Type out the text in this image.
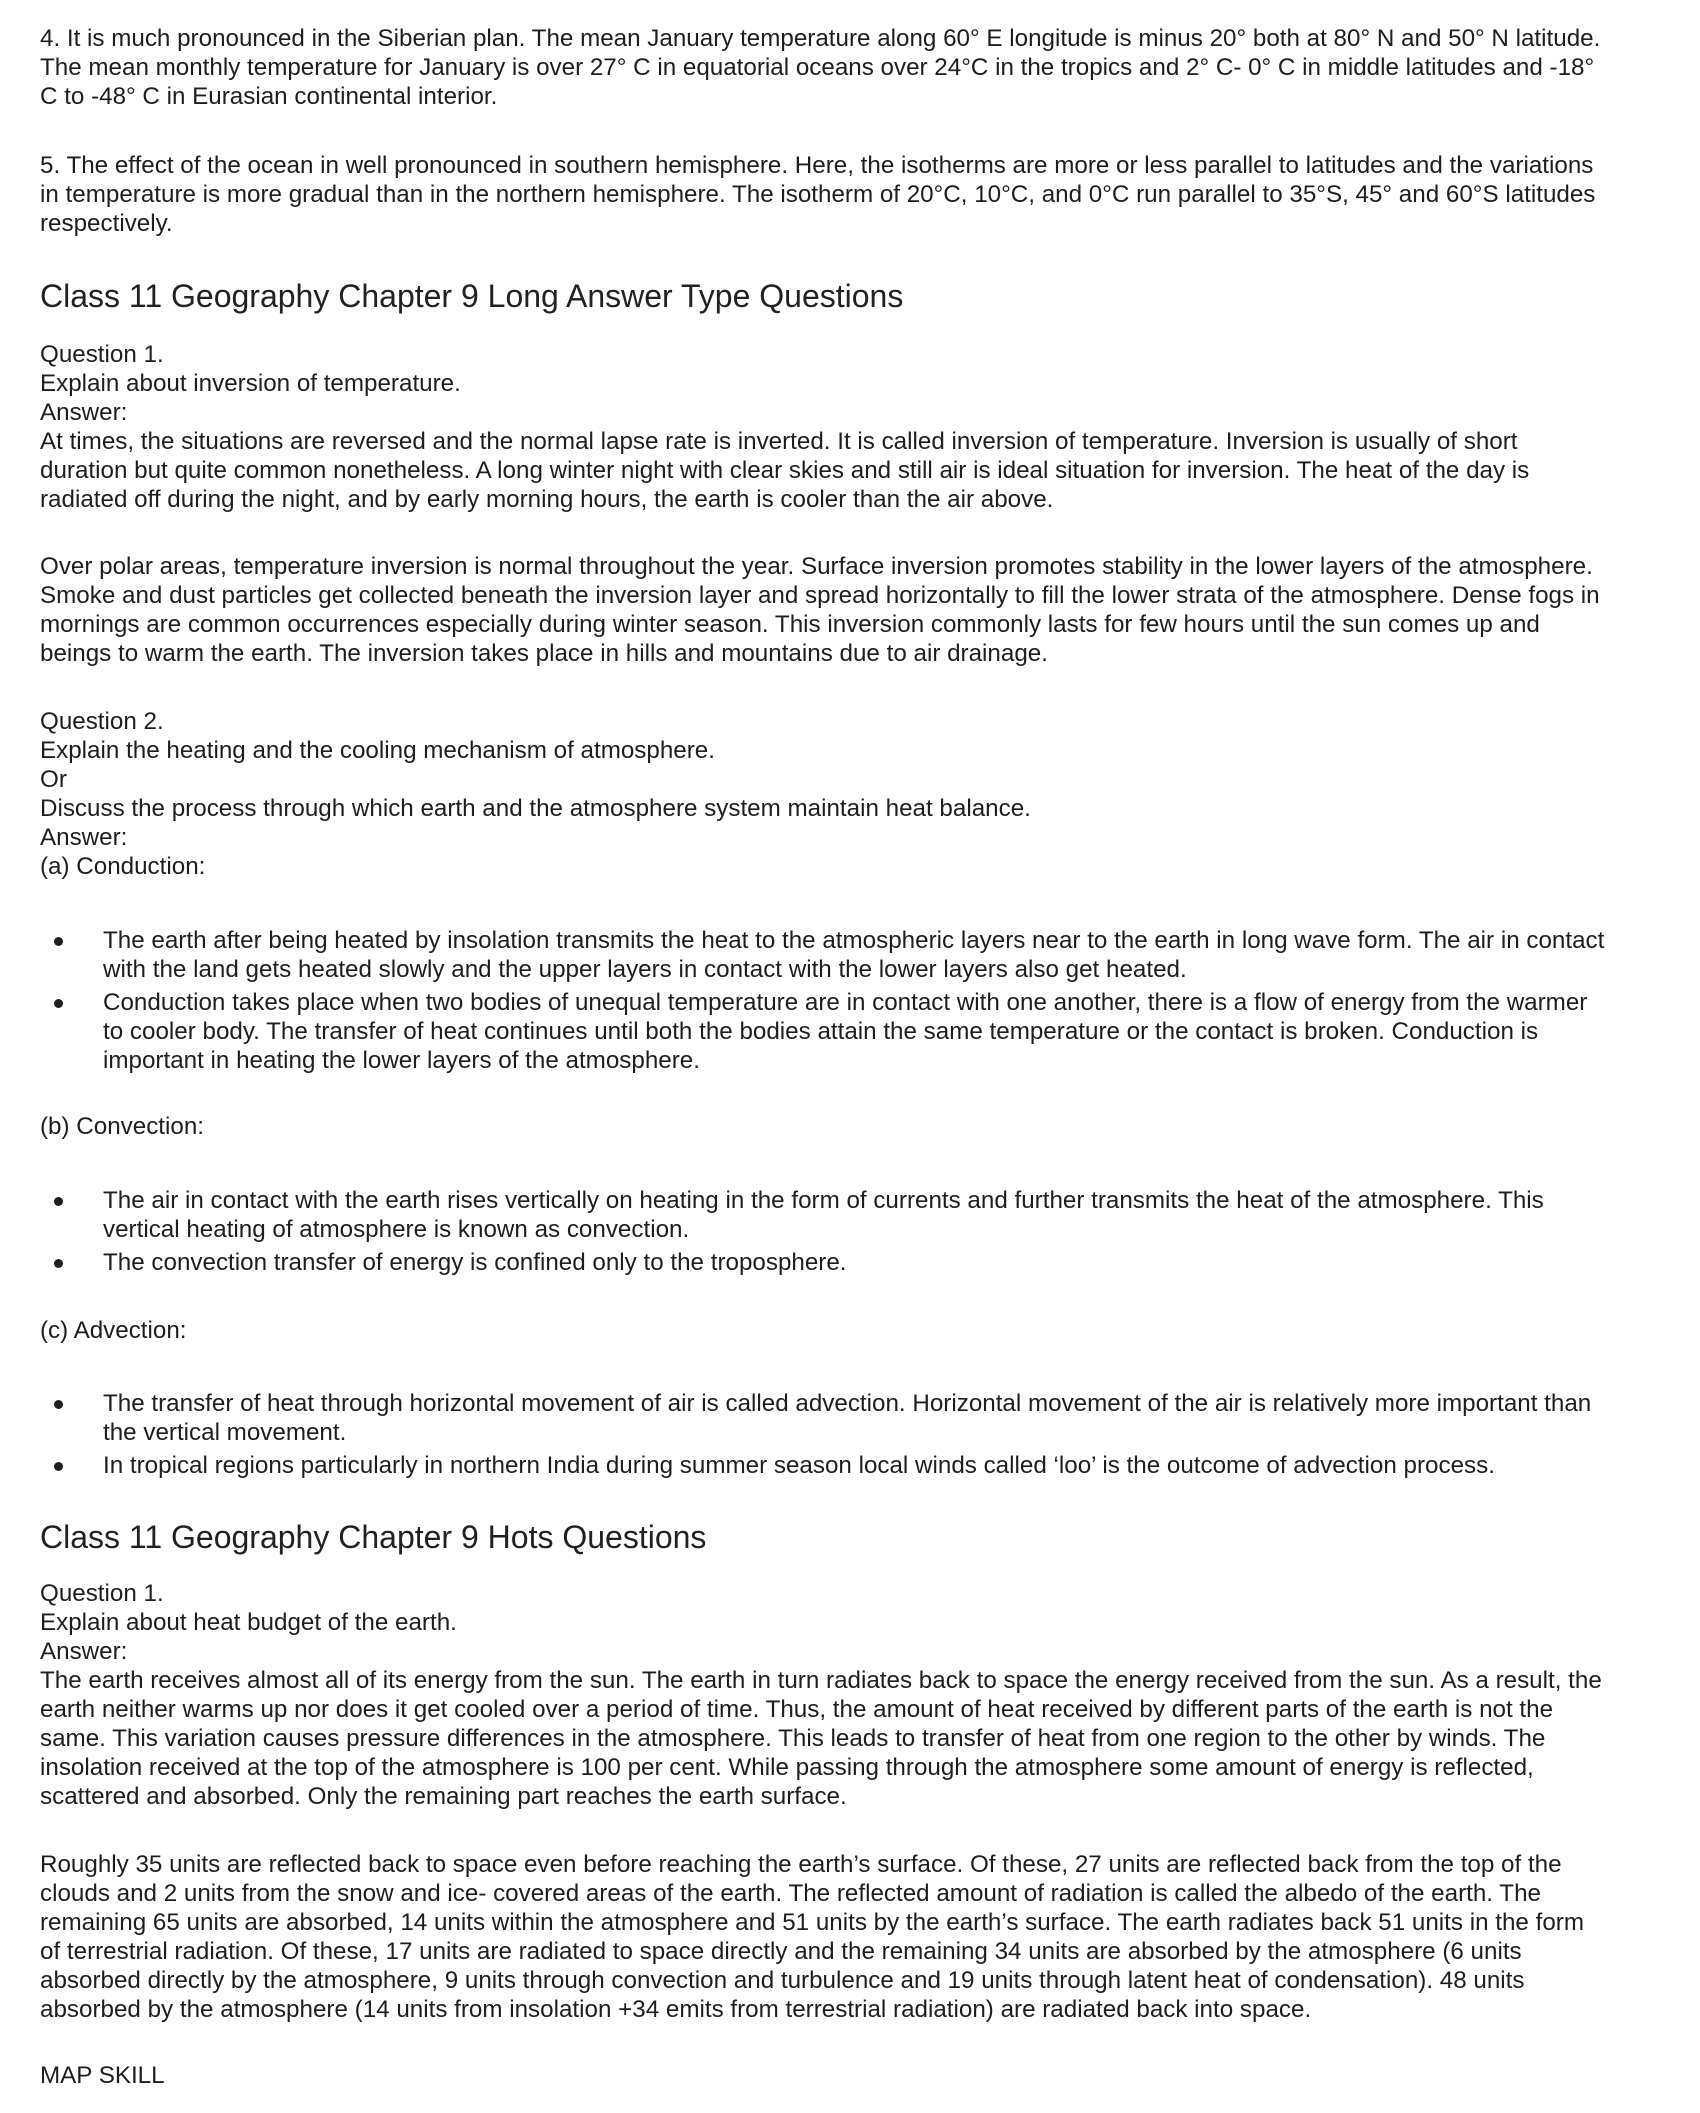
4. It is much pronounced in the Siberian plan. The mean January temperature along 60° E longitude is minus 20° both at 80° N and 50° N latitude.
The mean monthly temperature for January is over 27° C in equatorial oceans over 24°C in the tropics and 2° C- 0° C in middle latitudes and -18°
C to -48° C in Eurasian continental interior.
5. The effect of the ocean in well pronounced in southern hemisphere. Here, the isotherms are more or less parallel to latitudes and the variations
in temperature is more gradual than in the northern hemisphere. The isotherm of 20°C, 10°C, and 0°C run parallel to 35°S, 45° and 60°S latitudes
respectively.
Class 11 Geography Chapter 9 Long Answer Type Questions
Question 1.
Explain about inversion of temperature.
Answer:
At times, the situations are reversed and the normal lapse rate is inverted. It is called inversion of temperature. Inversion is usually of short
duration but quite common nonetheless. A long winter night with clear skies and still air is ideal situation for inversion. The heat of the day is
radiated off during the night, and by early morning hours, the earth is cooler than the air above.
Over polar areas, temperature inversion is normal throughout the year. Surface inversion promotes stability in the lower layers of the atmosphere.
Smoke and dust particles get collected beneath the inversion layer and spread horizontally to fill the lower strata of the atmosphere. Dense fogs in
mornings are common occurrences especially during winter season. This inversion commonly lasts for few hours until the sun comes up and
beings to warm the earth. The inversion takes place in hills and mountains due to air drainage.
Question 2.
Explain the heating and the cooling mechanism of atmosphere.
Or
Discuss the process through which earth and the atmosphere system maintain heat balance.
Answer:
(a) Conduction:
The earth after being heated by insolation transmits the heat to the atmospheric layers near to the earth in long wave form. The air in contact
with the land gets heated slowly and the upper layers in contact with the lower layers also get heated.
Conduction takes place when two bodies of unequal temperature are in contact with one another, there is a flow of energy from the warmer
to cooler body. The transfer of heat continues until both the bodies attain the same temperature or the contact is broken. Conduction is
important in heating the lower layers of the atmosphere.
(b) Convection:
The air in contact with the earth rises vertically on heating in the form of currents and further transmits the heat of the atmosphere. This
vertical heating of atmosphere is known as convection.
The convection transfer of energy is confined only to the troposphere.
(c) Advection:
The transfer of heat through horizontal movement of air is called advection. Horizontal movement of the air is relatively more important than
the vertical movement.
In tropical regions particularly in northern India during summer season local winds called ‘loo’ is the outcome of advection process.
Class 11 Geography Chapter 9 Hots Questions
Question 1.
Explain about heat budget of the earth.
Answer:
The earth receives almost all of its energy from the sun. The earth in turn radiates back to space the energy received from the sun. As a result, the
earth neither warms up nor does it get cooled over a period of time. Thus, the amount of heat received by different parts of the earth is not the
same. This variation causes pressure differences in the atmosphere. This leads to transfer of heat from one region to the other by winds. The
insolation received at the top of the atmosphere is 100 per cent. While passing through the atmosphere some amount of energy is reflected,
scattered and absorbed. Only the remaining part reaches the earth surface.
Roughly 35 units are reflected back to space even before reaching the earth’s surface. Of these, 27 units are reflected back from the top of the
clouds and 2 units from the snow and ice- covered areas of the earth. The reflected amount of radiation is called the albedo of the earth. The
remaining 65 units are absorbed, 14 units within the atmosphere and 51 units by the earth’s surface. The earth radiates back 51 units in the form
of terrestrial radiation. Of these, 17 units are radiated to space directly and the remaining 34 units are absorbed by the atmosphere (6 units
absorbed directly by the atmosphere, 9 units through convection and turbulence and 19 units through latent heat of condensation). 48 units
absorbed by the atmosphere (14 units from insolation +34 emits from terrestrial radiation) are radiated back into space.
MAP SKILL
